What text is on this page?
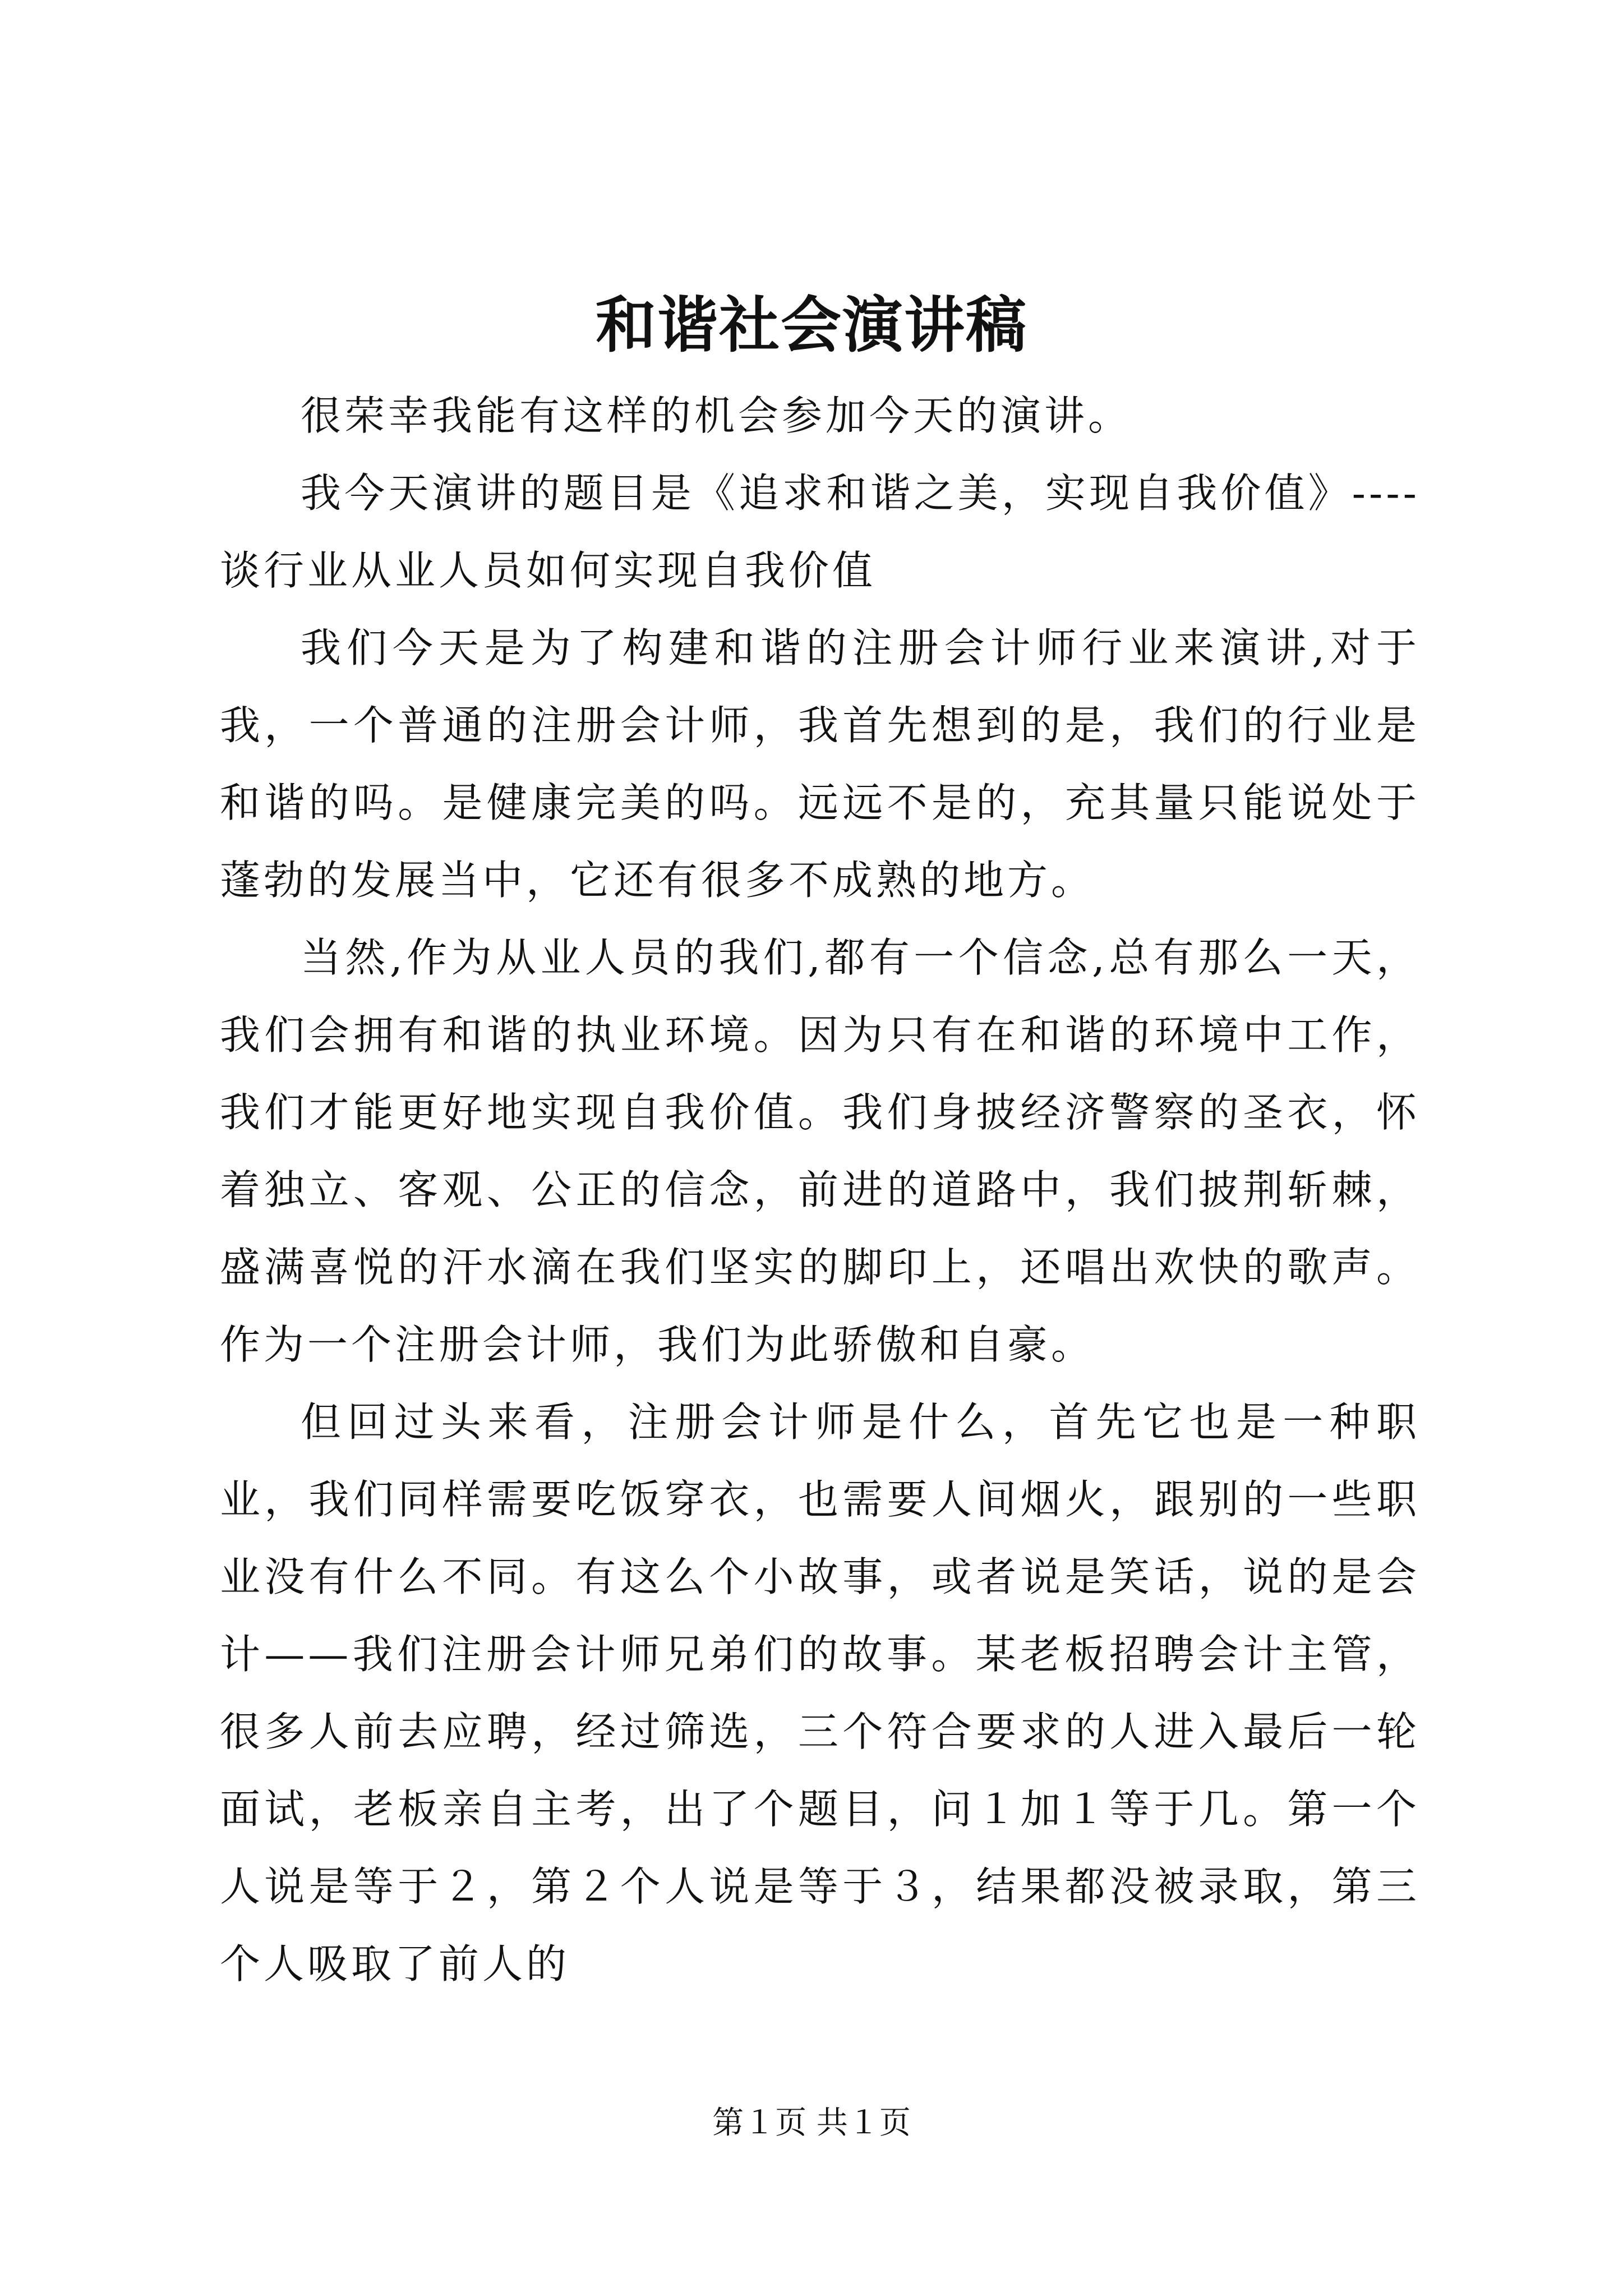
和谐社会演讲稿

很荣幸我能有这样的机会参加今天的演讲。

我今天演讲的题目是《追求和谐之美，实现自我价值》----谈行业从业人员如何实现自我价值

我们今天是为了构建和谐的注册会计师行业来演讲,对于我，一个普通的注册会计师，我首先想到的是，我们的行业是和谐的吗。是健康完美的吗。远远不是的，充其量只能说处于蓬勃的发展当中，它还有很多不成熟的地方。

当然,作为从业人员的我们,都有一个信念,总有那么一天，我们会拥有和谐的执业环境。因为只有在和谐的环境中工作，我们才能更好地实现自我价值。我们身披经济警察的圣衣，怀着独立、客观、公正的信念，前进的道路中，我们披荆斩棘，盛满喜悦的汗水滴在我们坚实的脚印上，还唱出欢快的歌声。作为一个注册会计师，我们为此骄傲和自豪。

但回过头来看，注册会计师是什么，首先它也是一种职业，我们同样需要吃饭穿衣，也需要人间烟火，跟别的一些职业没有什么不同。有这么个小故事，或者说是笑话，说的是会计——我们注册会计师兄弟们的故事。某老板招聘会计主管，很多人前去应聘，经过筛选，三个符合要求的人进入最后一轮面试，老板亲自主考，出了个题目，问１加１等于几。第一个人说是等于２，第２个人说是等于３，结果都没被录取，第三个人吸取了前人的

第１页 共１页
